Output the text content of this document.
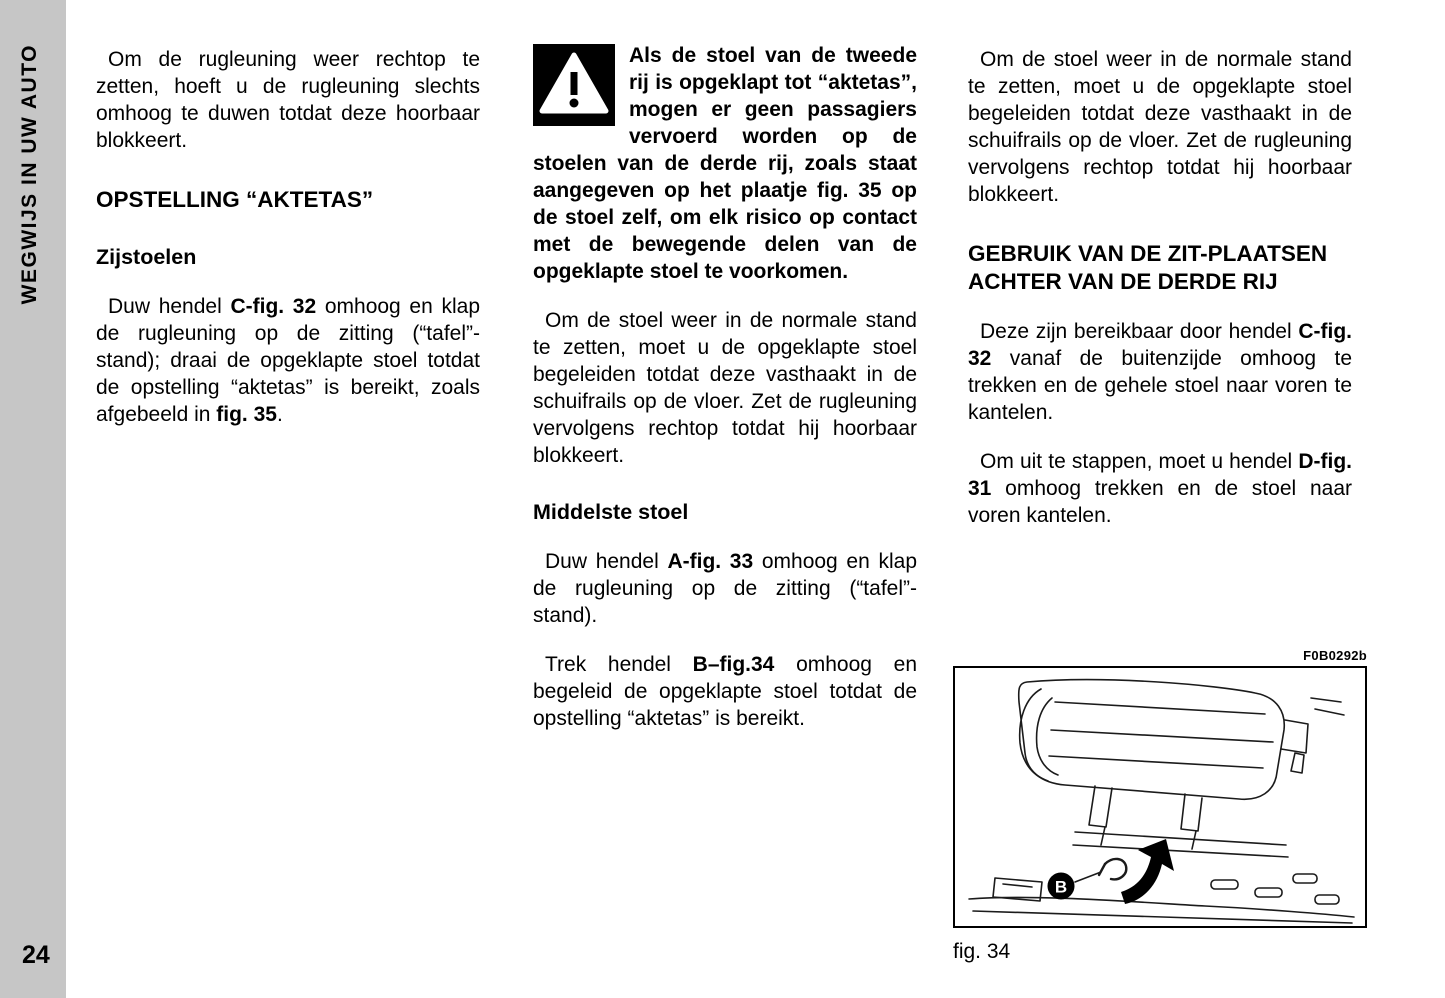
WEGWIJS IN UW AUTO
24

Om de rugleuning weer rechtop te zetten, hoeft u de rugleuning slechts omhoog te duwen totdat deze hoorbaar blokkeert.

OPSTELLING “AKTETAS”
Zijstoelen

Duw hendel C-fig. 32 omhoog en klap de rugleuning op de zitting (“tafel”-stand); draai de opgeklapte stoel totdat de opstelling “aktetas” is bereikt, zoals afgebeeld in fig. 35.

Als de stoel van de tweede rij is opgeklapt tot “aktetas”, mogen er geen passagiers vervoerd worden op de stoelen van de derde rij, zoals staat aangegeven op het plaatje fig. 35 op de stoel zelf, om elk risico op contact met de bewegende delen van de opgeklapte stoel te voorkomen.

Om de stoel weer in de normale stand te zetten, moet u de opgeklapte stoel begeleiden totdat deze vasthaakt in de schuifrails op de vloer. Zet de rugleuning vervolgens rechtop totdat hij hoorbaar blokkeert.

Middelste stoel

Duw hendel A-fig. 33 omhoog en klap de rugleuning op de zitting (“tafel”-stand).

Trek hendel B–fig.34 omhoog en begeleid de opgeklapte stoel totdat de opstelling “aktetas” is bereikt.

Om de stoel weer in de normale stand te zetten, moet u de opgeklapte stoel begeleiden totdat deze vasthaakt in de schuifrails op de vloer. Zet de rugleuning vervolgens rechtop totdat hij hoorbaar blokkeert.

GEBRUIK VAN DE ZIT-PLAATSEN ACHTER VAN DE DERDE RIJ

Deze zijn bereikbaar door hendel C-fig. 32 vanaf de buitenzijde omhoog te trekken en de gehele stoel naar voren te kantelen.

Om uit te stappen, moet u hendel D-fig. 31 omhoog trekken en de stoel naar voren kantelen.

F0B0292b
B
fig. 34
